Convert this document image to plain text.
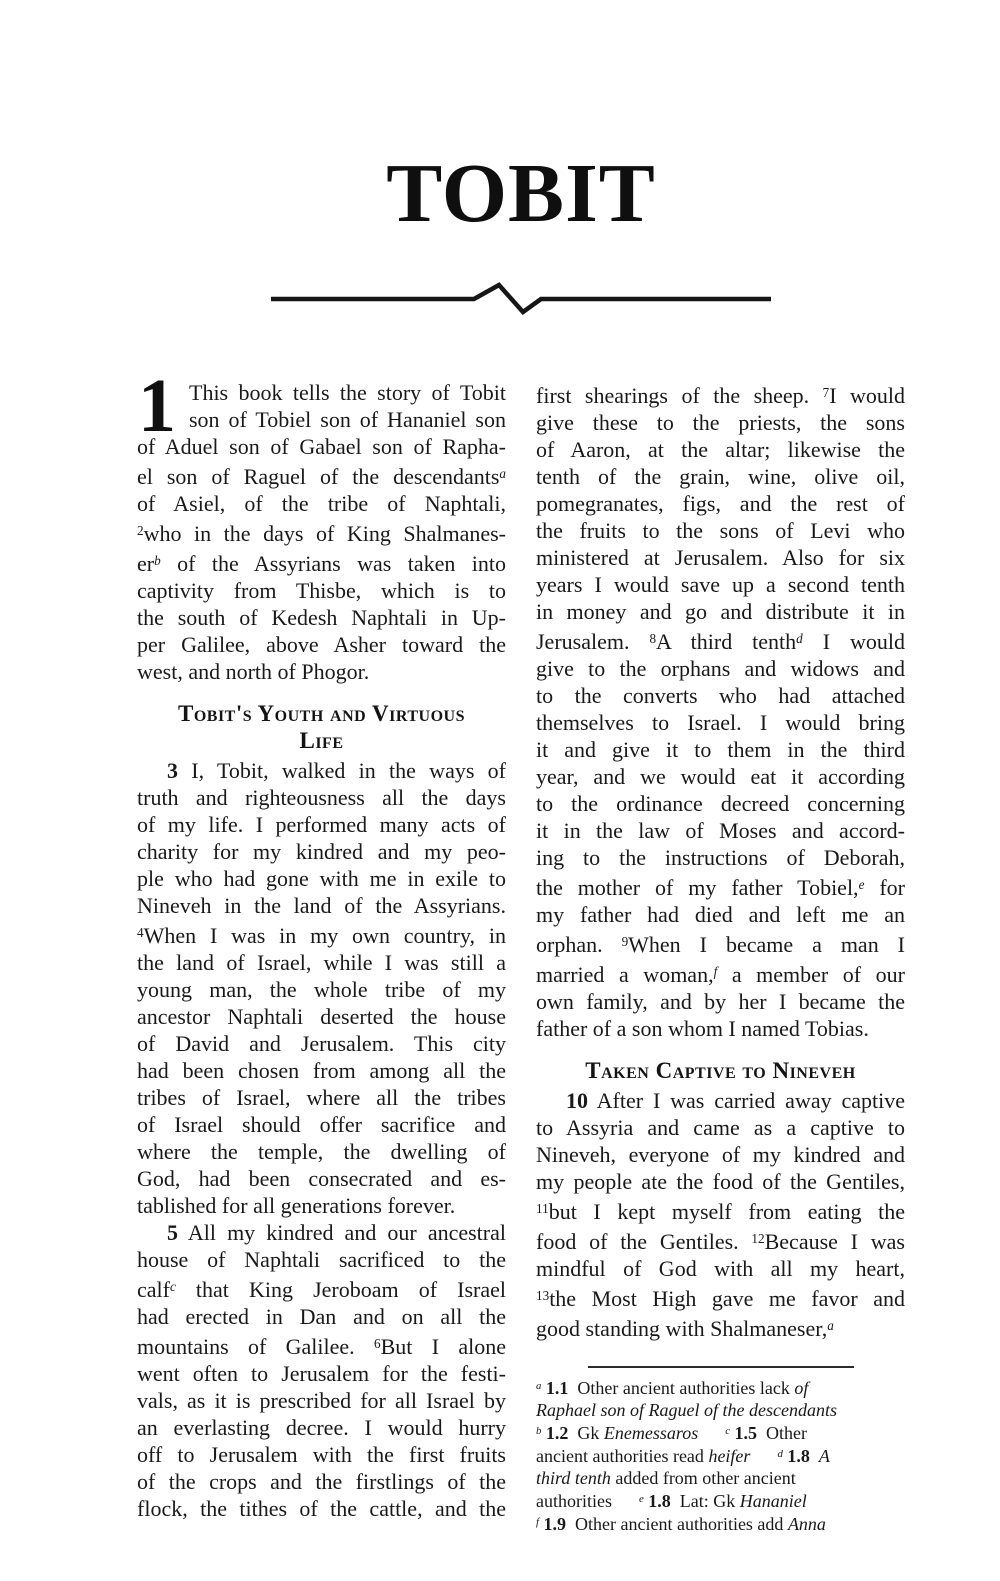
TOBIT
1 This book tells the story of Tobit
son of Tobiel son of Hananiel son
of Aduel son of Gabael son of Rapha-
el son of Raguel of the descendants$^a$
of Asiel, of the tribe of Naphtali,
$^2$who in the days of King Shalmanes-
$er^b$ of the Assyrians was taken into
captivity from Thisbe, which is to
the south of Kedesh Naphtali in Up-
per Galilee, above Asher toward the
west, and north of Phogor.
Tobit's Youth and Virtuous
Life
3 I, Tobit, walked in the ways of
truth and righteousness all the days
of my life. I performed many acts of
charity for my kindred and my peo-
ple who had gone with me in exile to
Nineveh in the land of the Assyrians.
$^4$When I was in my own country, in
the land of Israel, while I was still a
young man, the whole tribe of my
ancestor Naphtali deserted the house
of David and Jerusalem. This city
had been chosen from among all the
tribes of Israel, where all the tribes
of Israel should offer sacrifice and
where the temple, the dwelling of
God, had been consecrated and es-
tablished for all generations forever.
5 All my kindred and our ancestral
house of Naphtali sacrificed to the
calf$^c$ that King Jeroboam of Israel
had erected in Dan and on all the
mountains of Galilee. $^6$But I alone
went often to Jerusalem for the festi-
vals, as it is prescribed for all Israel by
an everlasting decree. I would hurry
off to Jerusalem with the first fruits
of the crops and the firstlings of the
flock, the tithes of the cattle, and the
first shearings of the sheep. $^7$I would
give these to the priests, the sons
of Aaron, at the altar; likewise the
tenth of the grain, wine, olive oil,
pomegranates, figs, and the rest of
the fruits to the sons of Levi who
ministered at Jerusalem. Also for six
years I would save up a second tenth
in money and go and distribute it in
Jerusalem. $^8$A third tenth$^d$ I would
give to the orphans and widows and
to the converts who had attached
themselves to Israel. I would bring
it and give it to them in the third
year, and we would eat it according
to the ordinance decreed concerning
it in the law of Moses and accord-
ing to the instructions of Deborah,
the mother of my father Tobiel,$^e$ for
my father had died and left me an
orphan. $^9$When I became a man I
married a woman,$^f$ a member of our
own family, and by her I became the
father of a son whom I named Tobias.
Taken Captive to Nineveh
10 After I was carried away captive
to Assyria and came as a captive to
Nineveh, everyone of my kindred and
my people ate the food of the Gentiles,
$^{11}$but I kept myself from eating the
food of the Gentiles. $^{12}$Because I was
mindful of God with all my heart,
$^{13}$the Most High gave me favor and
good standing with Shalmaneser,$^a$
$^a$ 1.1 Other ancient authorities lack of
Raphael son of Raguel of the descendants
$^b$ 1.2 Gk Enemessaros  	$^c$ 1.5 Other
ancient authorities read heifer  	$^d$ 1.8  A
third tenth added from other ancient
authorities  	$^e$ 1.8 Lat: Gk Hananiel
$^f$ 1.9 Other ancient authorities add Anna
